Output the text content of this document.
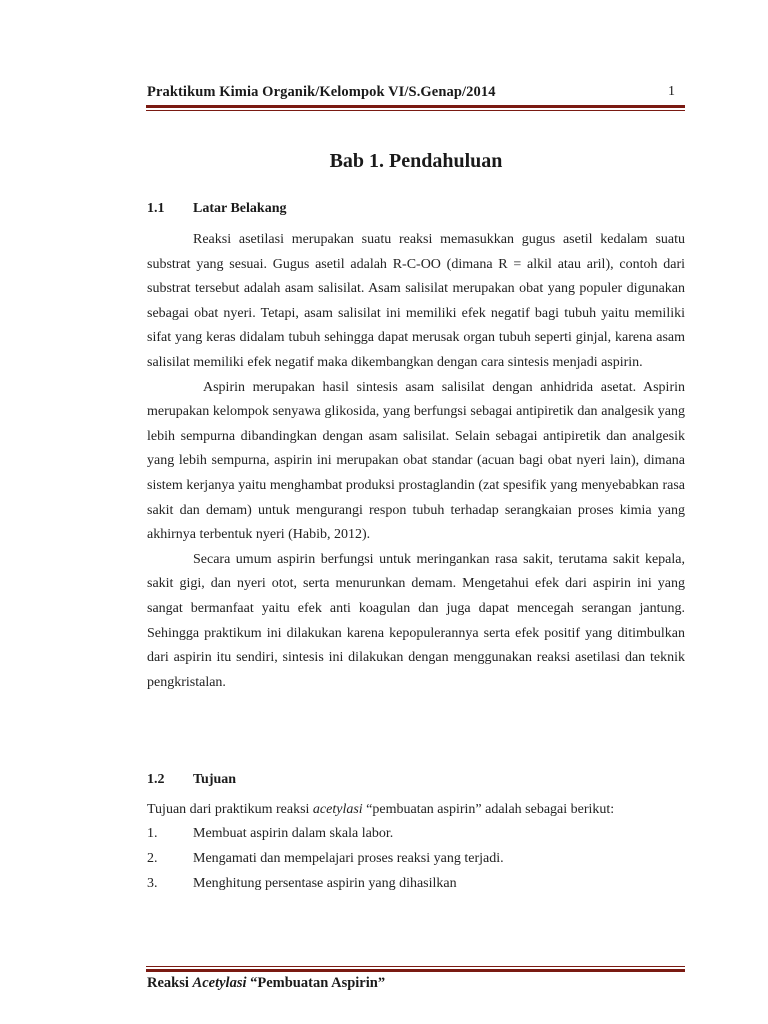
Praktikum Kimia Organik/Kelompok VI/S.Genap/2014	1
Bab 1. Pendahuluan
1.1 Latar Belakang

Reaksi asetilasi merupakan suatu reaksi memasukkan gugus asetil kedalam suatu substrat yang sesuai. Gugus asetil adalah R-C-OO (dimana R = alkil atau aril), contoh dari substrat tersebut adalah asam salisilat. Asam salisilat merupakan obat yang populer digunakan sebagai obat nyeri. Tetapi, asam salisilat ini memiliki efek negatif bagi tubuh yaitu memiliki sifat yang keras didalam tubuh sehingga dapat merusak organ tubuh seperti ginjal, karena asam salisilat memiliki efek negatif maka dikembangkan dengan cara sintesis menjadi aspirin.

Aspirin merupakan hasil sintesis asam salisilat dengan anhidrida asetat. Aspirin merupakan kelompok senyawa glikosida, yang berfungsi sebagai antipiretik dan analgesik yang lebih sempurna dibandingkan dengan asam salisilat. Selain sebagai antipiretik dan analgesik yang lebih sempurna, aspirin ini merupakan obat standar (acuan bagi obat nyeri lain), dimana sistem kerjanya yaitu menghambat produksi prostaglandin (zat spesifik yang menyebabkan rasa sakit dan demam) untuk mengurangi respon tubuh terhadap serangkaian proses kimia yang akhirnya terbentuk nyeri (Habib, 2012).

Secara umum aspirin berfungsi untuk meringankan rasa sakit, terutama sakit kepala, sakit gigi, dan nyeri otot, serta menurunkan demam. Mengetahui efek dari aspirin ini yang sangat bermanfaat yaitu efek anti koagulan dan juga dapat mencegah serangan jantung. Sehingga praktikum ini dilakukan karena kepopulerannya serta efek positif yang ditimbulkan dari aspirin itu sendiri, sintesis ini dilakukan dengan menggunakan reaksi asetilasi dan teknik pengkristalan.

1.2 Tujuan
Tujuan dari praktikum reaksi acetylasi “pembuatan aspirin” adalah sebagai berikut:
1.	Membuat aspirin dalam skala labor.
2.	Mengamati dan mempelajari proses reaksi yang terjadi.
3.	Menghitung persentase aspirin yang dihasilkan
Reaksi Acetylasi “Pembuatan Aspirin”
